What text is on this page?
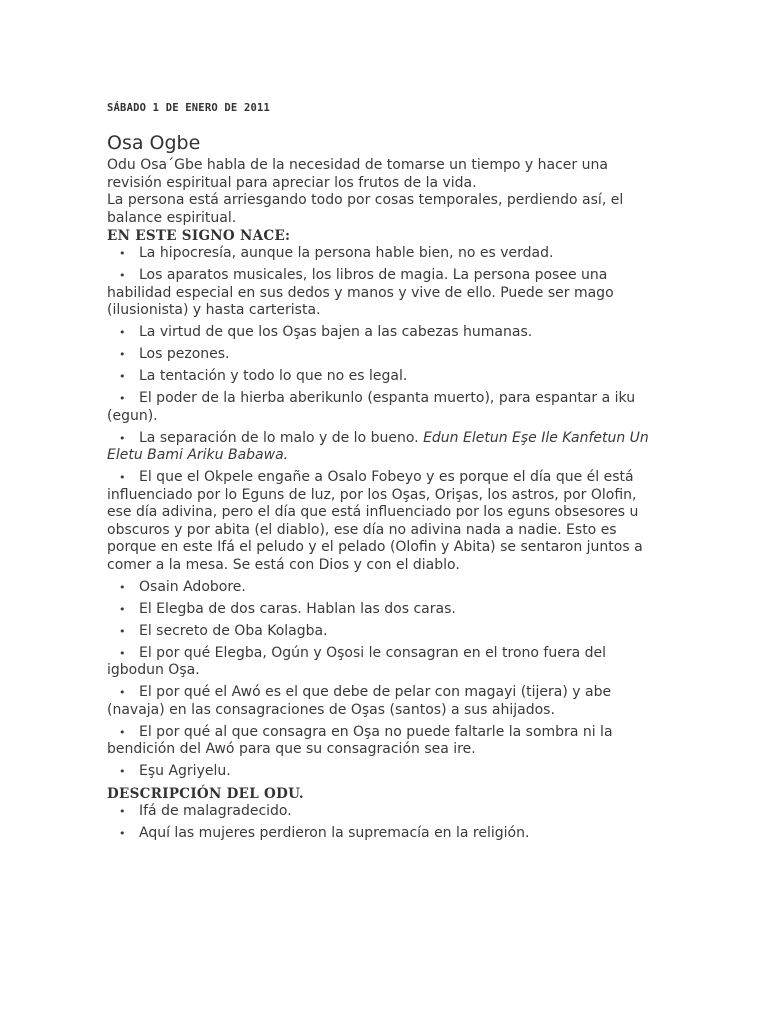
SÁBADO 1 DE ENERO DE 2011
Osa Ogbe

Odu Osa´Gbe habla de la necesidad de tomarse un tiempo y hacer una revisión espiritual para apreciar los frutos de la vida.

La persona está arriesgando todo por cosas temporales, perdiendo así, el balance espiritual.

EN ESTE SIGNO NACE:
• La hipocresía, aunque la persona hable bien, no es verdad.
• Los aparatos musicales, los libros de magia. La persona posee una habilidad especial en sus dedos y manos y vive de ello. Puede ser mago (ilusionista) y hasta carterista.
• La virtud de que los Oşas bajen a las cabezas humanas.
• Los pezones.
• La tentación y todo lo que no es legal.
• El poder de la hierba aberikunlo (espanta muerto), para espantar a iku (egun).
• La separación de lo malo y de lo bueno. Edun Eletun Eşe Ile Kanfetun Un Eletu Bami Ariku Babawa.
• El que el Okpele engañe a Osalo Fobeyo y es porque el día que él está influenciado por lo Eguns de luz, por los Oşas, Orişas, los astros, por Olofin, ese día adivina, pero el día que está influenciado por los eguns obsesores u obscuros y por abita (el diablo), ese día no adivina nada a nadie. Esto es porque en este Ifá el peludo y el pelado (Olofin y Abita) se sentaron juntos a comer a la mesa. Se está con Dios y con el diablo.
• Osain Adobore.
• El Elegba de dos caras. Hablan las dos caras.
• El secreto de Oba Kolagba.
• El por qué Elegba, Ogún y Oşosi le consagran en el trono fuera del igbodun Oşa.
• El por qué el Awó es el que debe de pelar con magayi (tijera) y abe (navaja) en las consagraciones de Oşas (santos) a sus ahijados.
• El por qué al que consagra en Oşa no puede faltarle la sombra ni la bendición del Awó para que su consagración sea ire.
• Eşu Agriyelu.
DESCRIPCIÓN DEL ODU.
• Ifá de malagradecido.
• Aquí las mujeres perdieron la supremacía en la religión.
